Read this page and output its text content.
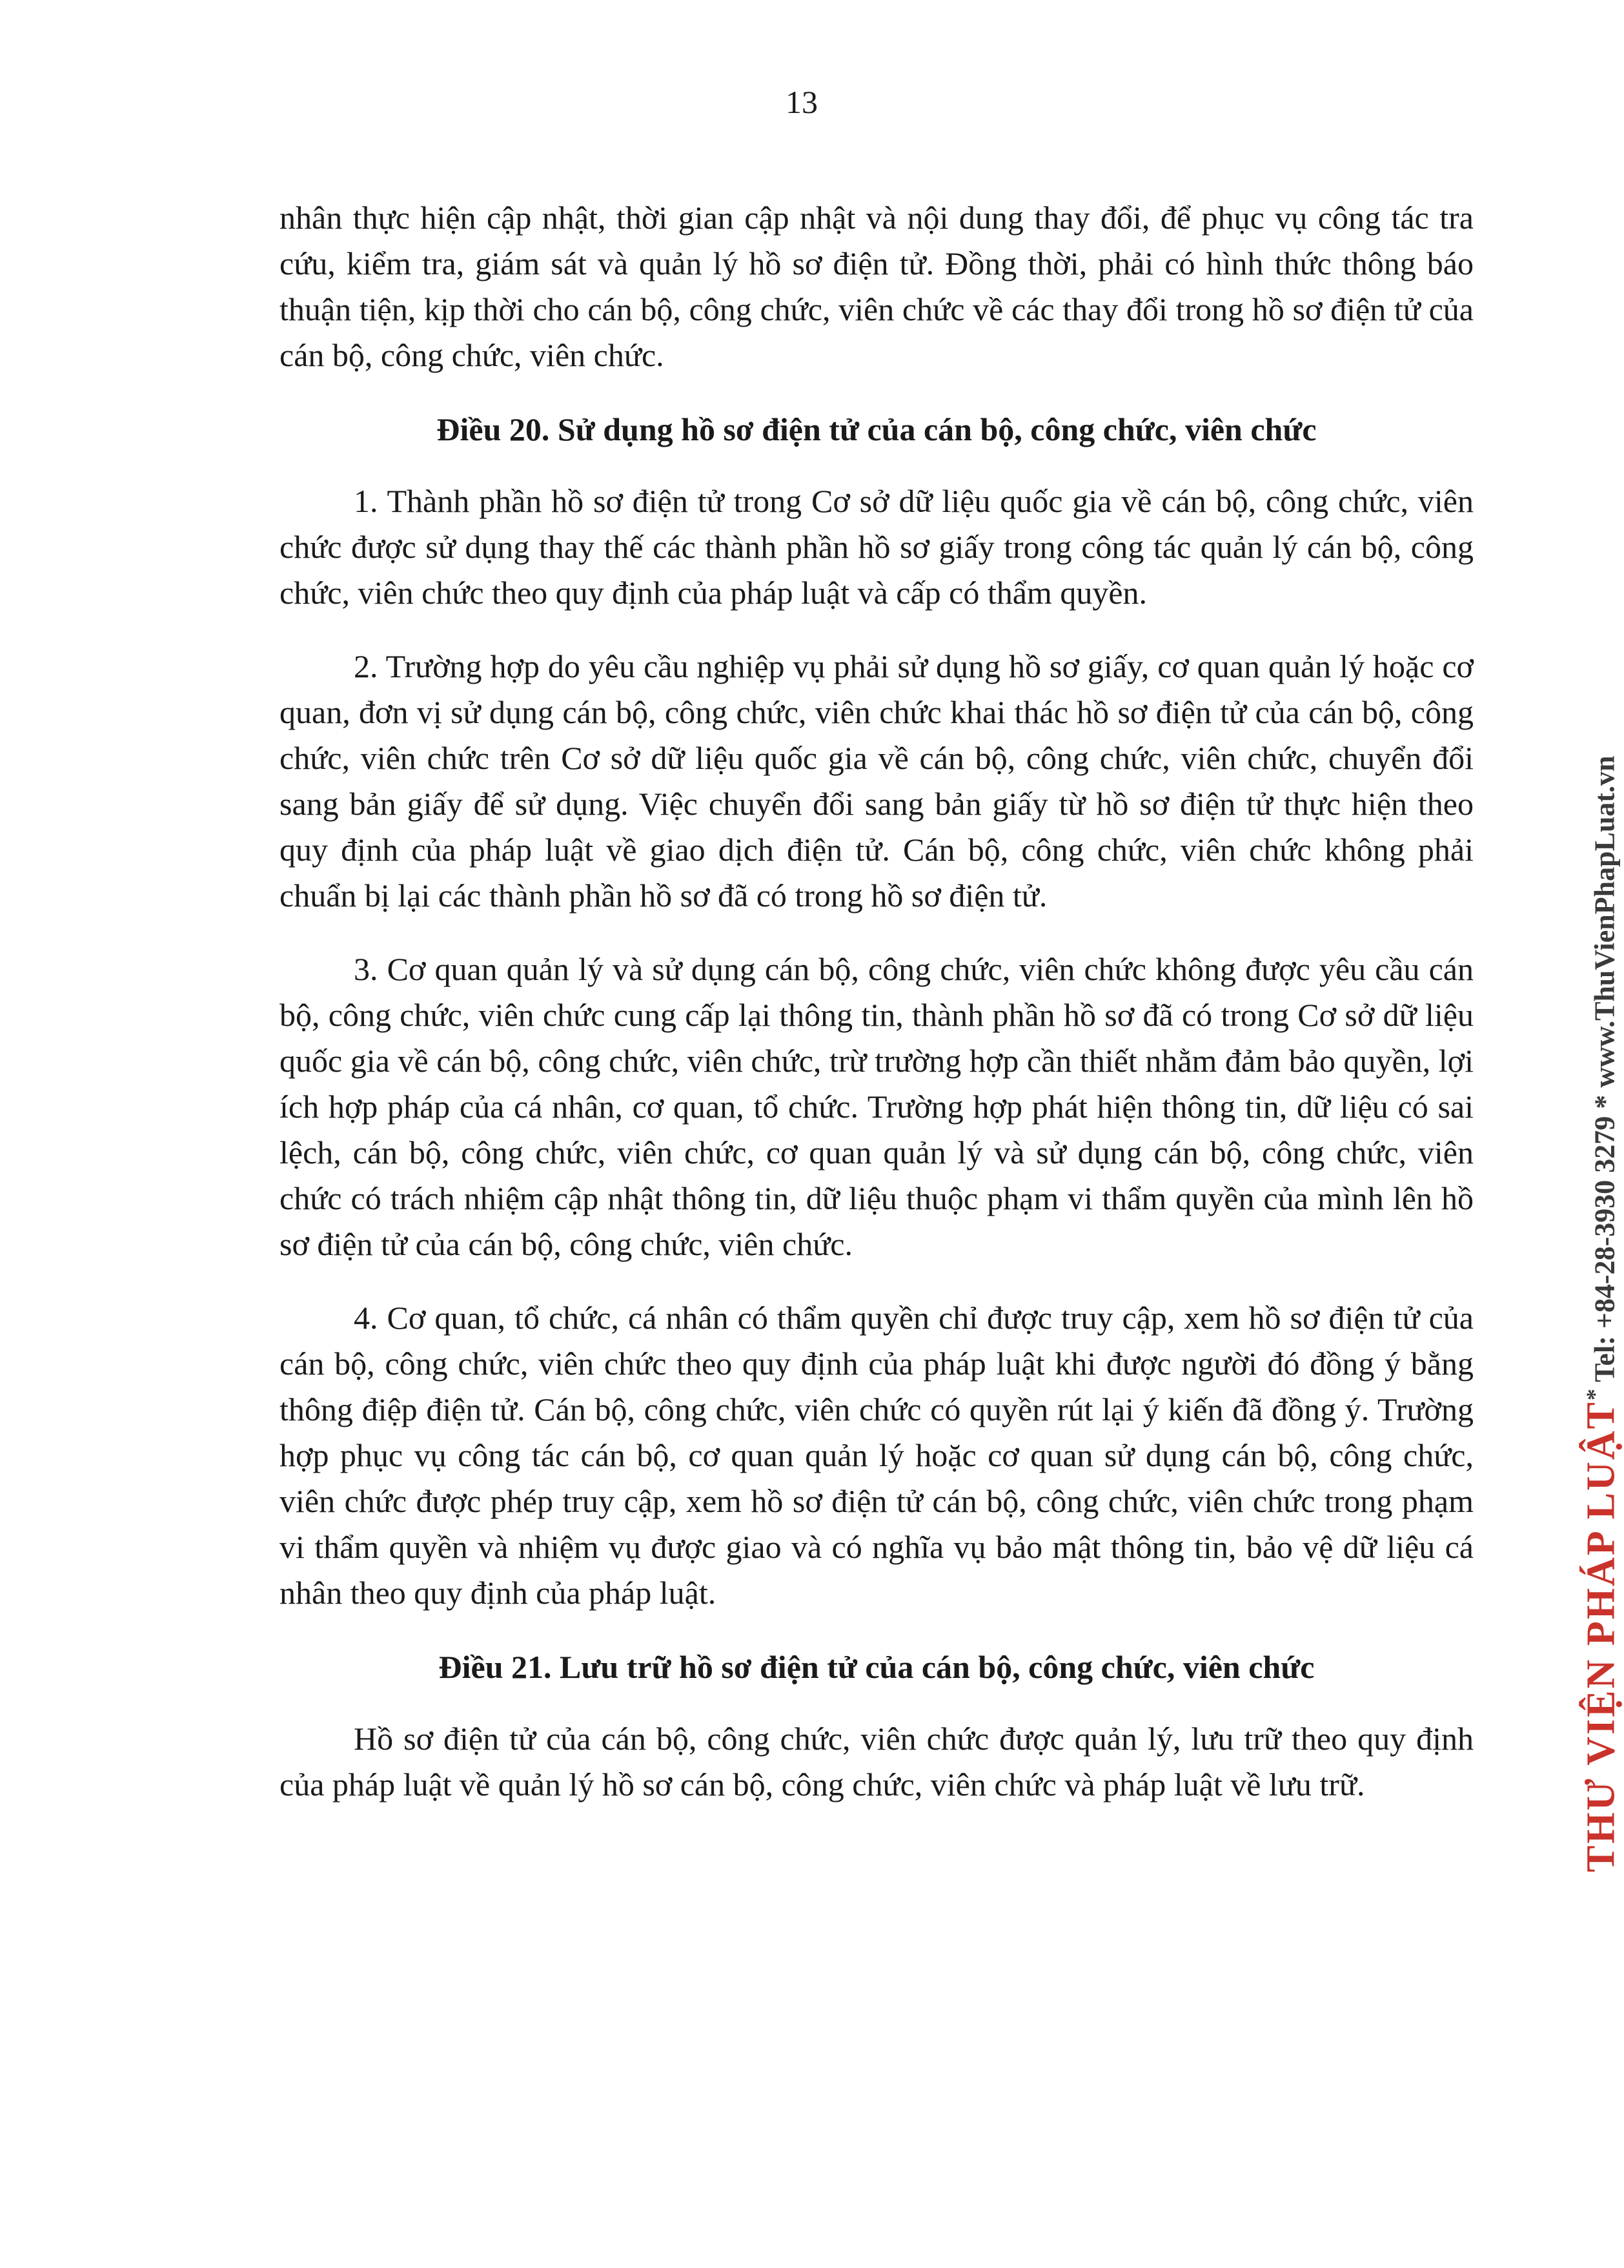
13

nhân thực hiện cập nhật, thời gian cập nhật và nội dung thay đổi, để phục vụ công tác tra cứu, kiểm tra, giám sát và quản lý hồ sơ điện tử. Đồng thời, phải có hình thức thông báo thuận tiện, kịp thời cho cán bộ, công chức, viên chức về các thay đổi trong hồ sơ điện tử của cán bộ, công chức, viên chức.

Điều 20. Sử dụng hồ sơ điện tử của cán bộ, công chức, viên chức

1. Thành phần hồ sơ điện tử trong Cơ sở dữ liệu quốc gia về cán bộ, công chức, viên chức được sử dụng thay thế các thành phần hồ sơ giấy trong công tác quản lý cán bộ, công chức, viên chức theo quy định của pháp luật và cấp có thẩm quyền.

2. Trường hợp do yêu cầu nghiệp vụ phải sử dụng hồ sơ giấy, cơ quan quản lý hoặc cơ quan, đơn vị sử dụng cán bộ, công chức, viên chức khai thác hồ sơ điện tử của cán bộ, công chức, viên chức trên Cơ sở dữ liệu quốc gia về cán bộ, công chức, viên chức, chuyển đổi sang bản giấy để sử dụng. Việc chuyển đổi sang bản giấy từ hồ sơ điện tử thực hiện theo quy định của pháp luật về giao dịch điện tử. Cán bộ, công chức, viên chức không phải chuẩn bị lại các thành phần hồ sơ đã có trong hồ sơ điện tử.

3. Cơ quan quản lý và sử dụng cán bộ, công chức, viên chức không được yêu cầu cán bộ, công chức, viên chức cung cấp lại thông tin, thành phần hồ sơ đã có trong Cơ sở dữ liệu quốc gia về cán bộ, công chức, viên chức, trừ trường hợp cần thiết nhằm đảm bảo quyền, lợi ích hợp pháp của cá nhân, cơ quan, tổ chức. Trường hợp phát hiện thông tin, dữ liệu có sai lệch, cán bộ, công chức, viên chức, cơ quan quản lý và sử dụng cán bộ, công chức, viên chức có trách nhiệm cập nhật thông tin, dữ liệu thuộc phạm vi thẩm quyền của mình lên hồ sơ điện tử của cán bộ, công chức, viên chức.

4. Cơ quan, tổ chức, cá nhân có thẩm quyền chỉ được truy cập, xem hồ sơ điện tử của cán bộ, công chức, viên chức theo quy định của pháp luật khi được người đó đồng ý bằng thông điệp điện tử. Cán bộ, công chức, viên chức có quyền rút lại ý kiến đã đồng ý. Trường hợp phục vụ công tác cán bộ, cơ quan quản lý hoặc cơ quan sử dụng cán bộ, công chức, viên chức được phép truy cập, xem hồ sơ điện tử cán bộ, công chức, viên chức trong phạm vi thẩm quyền và nhiệm vụ được giao và có nghĩa vụ bảo mật thông tin, bảo vệ dữ liệu cá nhân theo quy định của pháp luật.

Điều 21. Lưu trữ hồ sơ điện tử của cán bộ, công chức, viên chức

Hồ sơ điện tử của cán bộ, công chức, viên chức được quản lý, lưu trữ theo quy định của pháp luật về quản lý hồ sơ cán bộ, công chức, viên chức và pháp luật về lưu trữ.	THƯ VIỆN PHÁP LUẬT* Tel: +84-28-3930 3279 * www.ThuVienPhapLuat.vn
